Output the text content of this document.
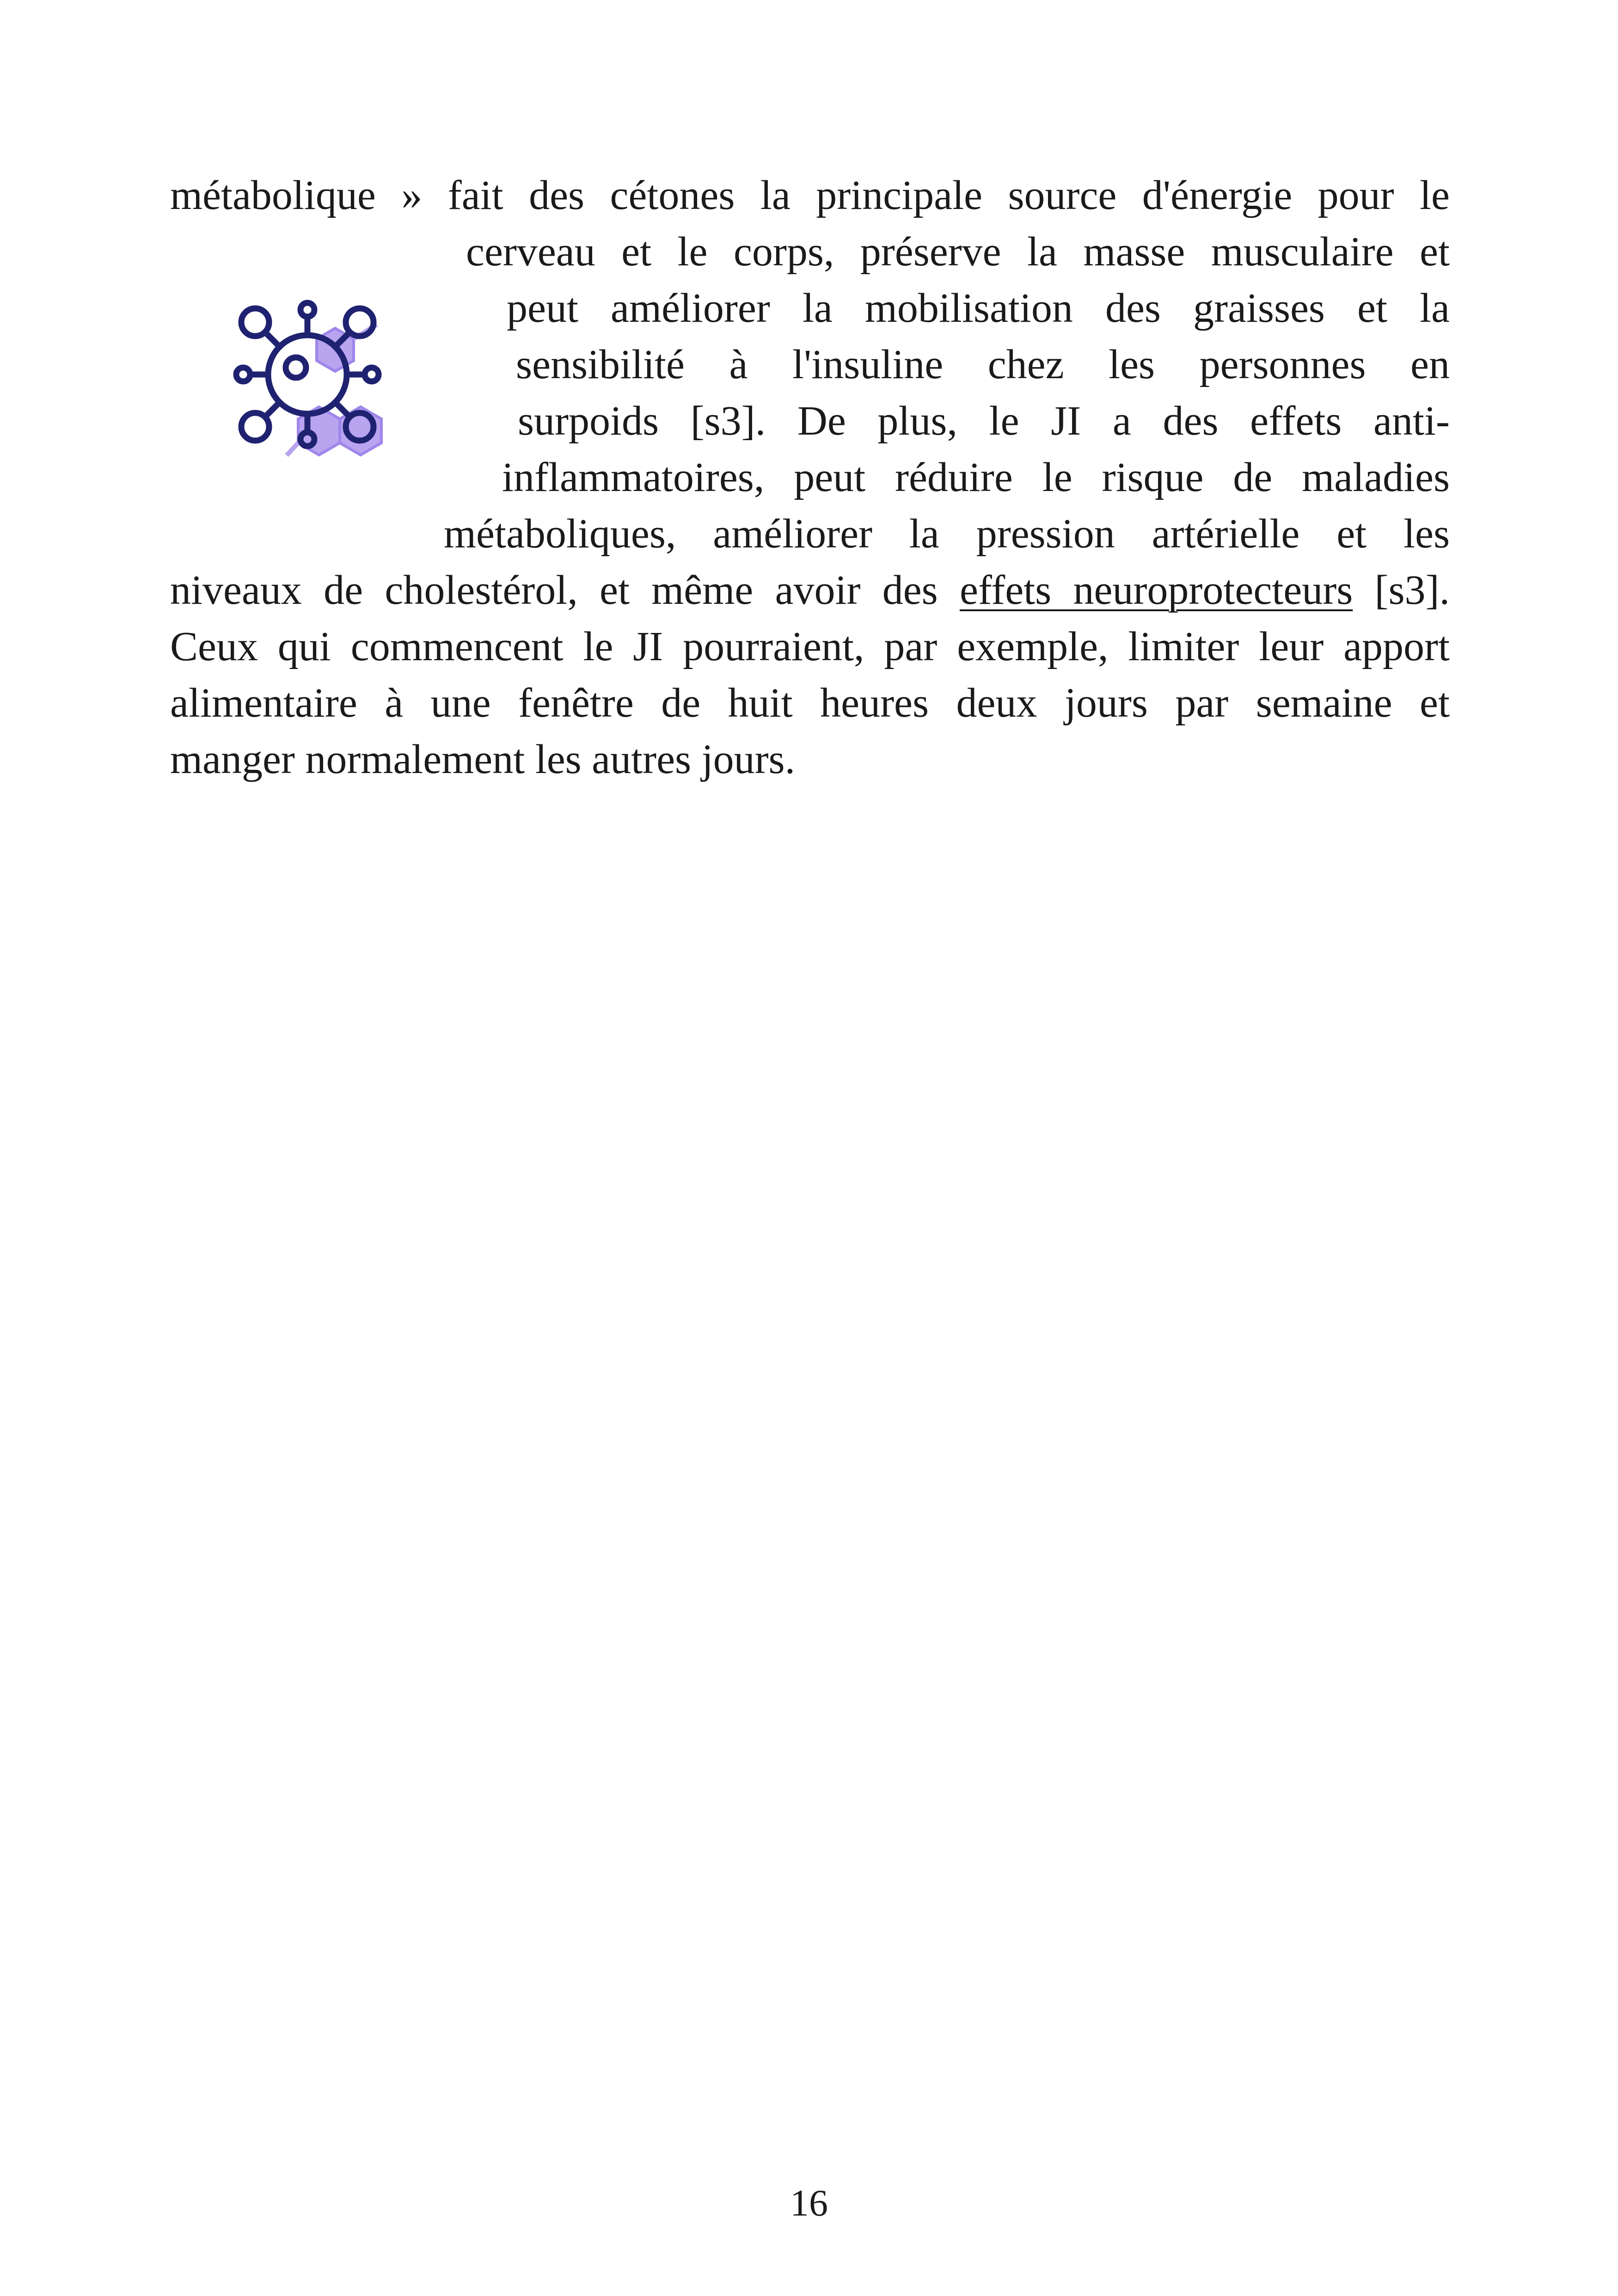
métabolique » fait des cétones la principale source d'énergie pour le
cerveau et le corps, préserve la masse musculaire et
peut améliorer la mobilisation des graisses et la
sensibilité à l'insuline chez les personnes en
surpoids [s3]. De plus, le JI a des effets anti-
inflammatoires, peut réduire le risque de maladies
métaboliques, améliorer la pression artérielle et les
niveaux de cholestérol, et même avoir des effets neuroprotecteurs [s3].
Ceux qui commencent le JI pourraient, par exemple, limiter leur apport
alimentaire à une fenêtre de huit heures deux jours par semaine et
manger normalement les autres jours.
16
